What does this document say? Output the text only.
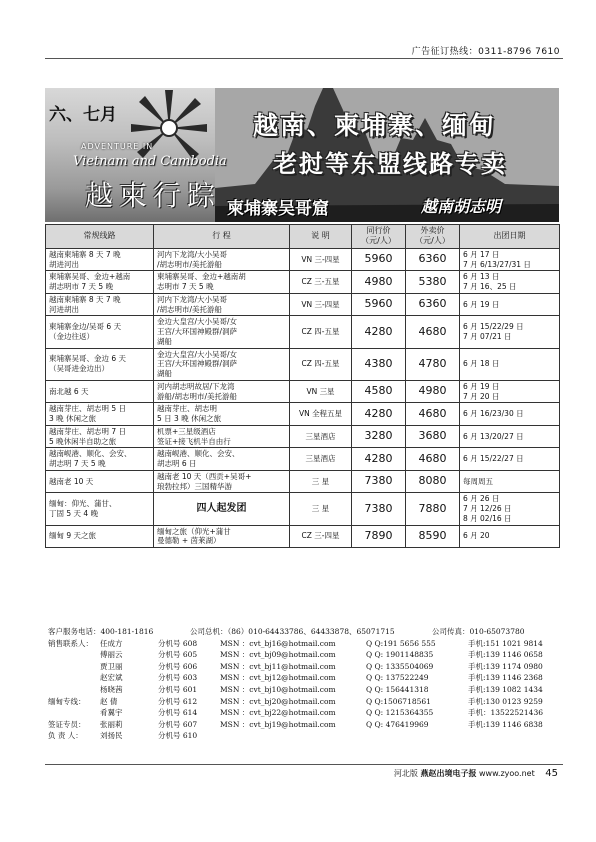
广告征订热线：0311-8796 7610
六、七月
ADVENTURE IN
Vietnam and Cambodia
越柬行踪
越南、柬埔寨、缅甸
老挝等东盟线路专卖
柬埔寨吴哥窟	越南胡志明
常规线路	行 程	说 明	同行价
（元/人）	外卖价
（元/人）	出团日期
越南柬埔寨 8 天 7 晚
胡进河出	河内下龙湾/大小吴哥
/胡志明市/美托游船	VN 三-四星	5960	6360	6 月 17 日
7 月 6/13/27/31 日
柬埔寨吴哥、金边+越南
胡志明市 7 天 5 晚	柬埔寨吴哥、金边+越南胡
志明市 7 天 5 晚	CZ 三-五星	4980	5380	6 月 13 日
7 月 16、25 日
越南柬埔寨 8 天 7 晚
河进胡出	河内下龙湾/大小吴哥
/胡志明市/美托游船	VN 三-四星	5960	6360	6 月 19 日
柬埔寨金边/吴哥 6 天
（金边往返）	金边大皇宫/大小吴哥/女
王宫/大环国神殿群/洞萨
湖船	CZ 四-五星	4280	4680	6 月 15/22/29 日
7 月 07/21 日
柬埔寨吴哥、金边 6 天
（吴哥进金边出）	金边大皇宫/大小吴哥/女
王宫/大环国神殿群/洞萨
湖船	CZ 四-五星	4380	4780	6 月 18 日
南北越 6 天	河内胡志明故居/下龙湾
游船/胡志明市/美托游船	VN 三星	4580	4980	6 月 19 日
7 月 20 日
越南芽庄、胡志明 5 日
3 晚 休闲之旅	越南芽庄、胡志明
5 日 3 晚 休闲之旅	VN 全程五星	4280	4680	6 月 16/23/30 日
越南芽庄、胡志明 7 日
5 晚休闲半自助之旅	机票+三星级酒店
签证+接飞机半自由行	三星酒店	3280	3680	6 月 13/20/27 日
越南岘港、顺化、会安、
胡志明 7 天 5 晚	越南岘港、顺化、会安、
胡志明 6 日	三星酒店	4280	4680	6 月 15/22/27 日
越南老 10 天	越南老 10 天（西贡+吴哥+
琅勃拉邦）三国精华游	三 星	7380	8080	每周周五
缅甸：仰光、蒲甘、
丁固 5 天 4 晚	四人起发团	三 星	7380	7880	6 月 26 日
7 月 12/26 日
8 月 02/16 日
缅甸 9 天之旅	缅甸之旅（仰光+蒲甘
曼德勒 + 茵莱湖）	CZ 三-四星	7890	8590	6 月 20
客户服务电话：400-181-1816	公司总机：（86）010-64433786、64433878、65071715	公司传真：010-65073780
销售联系人： 任成方	分机号 608	MSN ：cvt_bj16@hotmail.com	Q Q:191 5656 555	手机:151 1021 9814
傅丽云	分机号 605	MSN ：cvt_bj09@hotmail.com	Q Q: 1901148835	手机:139 1146 0658
贾卫丽	分机号 606	MSN ：cvt_bj11@hotmail.com	Q Q: 1335504069	手机:139 1174 0980
赵宏斌	分机号 603	MSN ：cvt_bj12@hotmail.com	Q Q: 137522249	手机:139 1146 2368
杨晓茜	分机号 601	MSN ：cvt_bj10@hotmail.com	Q Q: 156441318	手机:139 1082 1434
缅甸专线： 赵 倩	分机号 612	MSN ：cvt_bj20@hotmail.com	Q Q:1506718561	手机:130 0123 9259
肴翼宇	分机号 614	MSN ：cvt_bj22@hotmail.com	Q Q: 1215364355	手机：13522521436
签证专员： 张丽莉	分机号 607	MSN ：cvt_bj19@hotmail.com	Q Q: 476419969	手机:139 1146 6838
负 责 人： 刘扬民	分机号 610
河北版 燕赵出境电子报 www.zyoo.net 45
